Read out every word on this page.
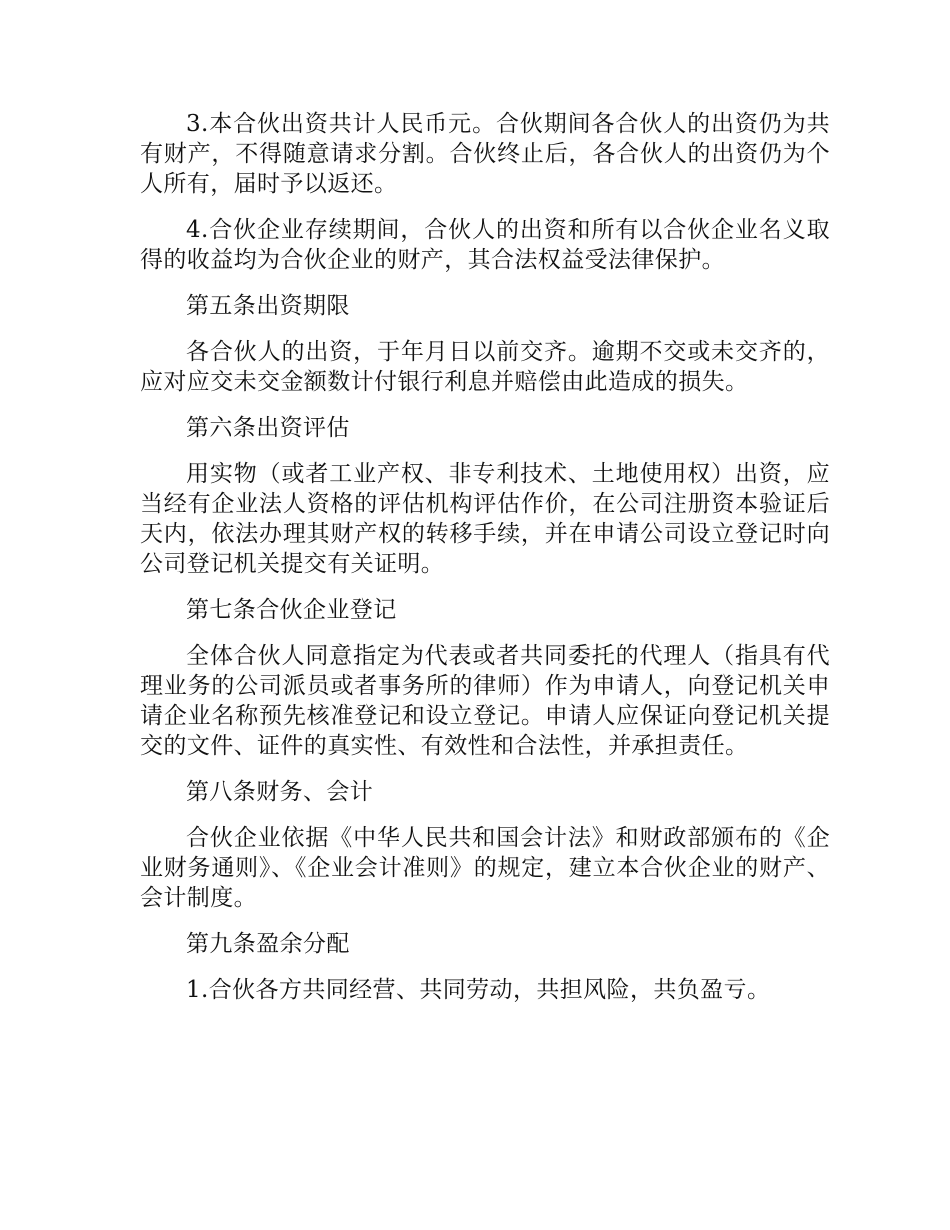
3.本合伙出资共计人民币元。合伙期间各合伙人的出资仍为共有财产，不得随意请求分割。合伙终止后，各合伙人的出资仍为个人所有，届时予以返还。

4.合伙企业存续期间，合伙人的出资和所有以合伙企业名义取得的收益均为合伙企业的财产，其合法权益受法律保护。

第五条出资期限

各合伙人的出资，于年月日以前交齐。逾期不交或未交齐的，应对应交未交金额数计付银行利息并赔偿由此造成的损失。

第六条出资评估

用实物（或者工业产权、非专利技术、土地使用权）出资，应当经有企业法人资格的评估机构评估作价，在公司注册资本验证后天内，依法办理其财产权的转移手续，并在申请公司设立登记时向公司登记机关提交有关证明。

第七条合伙企业登记

全体合伙人同意指定为代表或者共同委托的代理人（指具有代理业务的公司派员或者事务所的律师）作为申请人，向登记机关申请企业名称预先核准登记和设立登记。申请人应保证向登记机关提交的文件、证件的真实性、有效性和合法性，并承担责任。

第八条财务、会计

合伙企业依据《中华人民共和国会计法》和财政部颁布的《企业财务通则》、《企业会计准则》的规定，建立本合伙企业的财产、会计制度。

第九条盈余分配

1.合伙各方共同经营、共同劳动，共担风险，共负盈亏。
